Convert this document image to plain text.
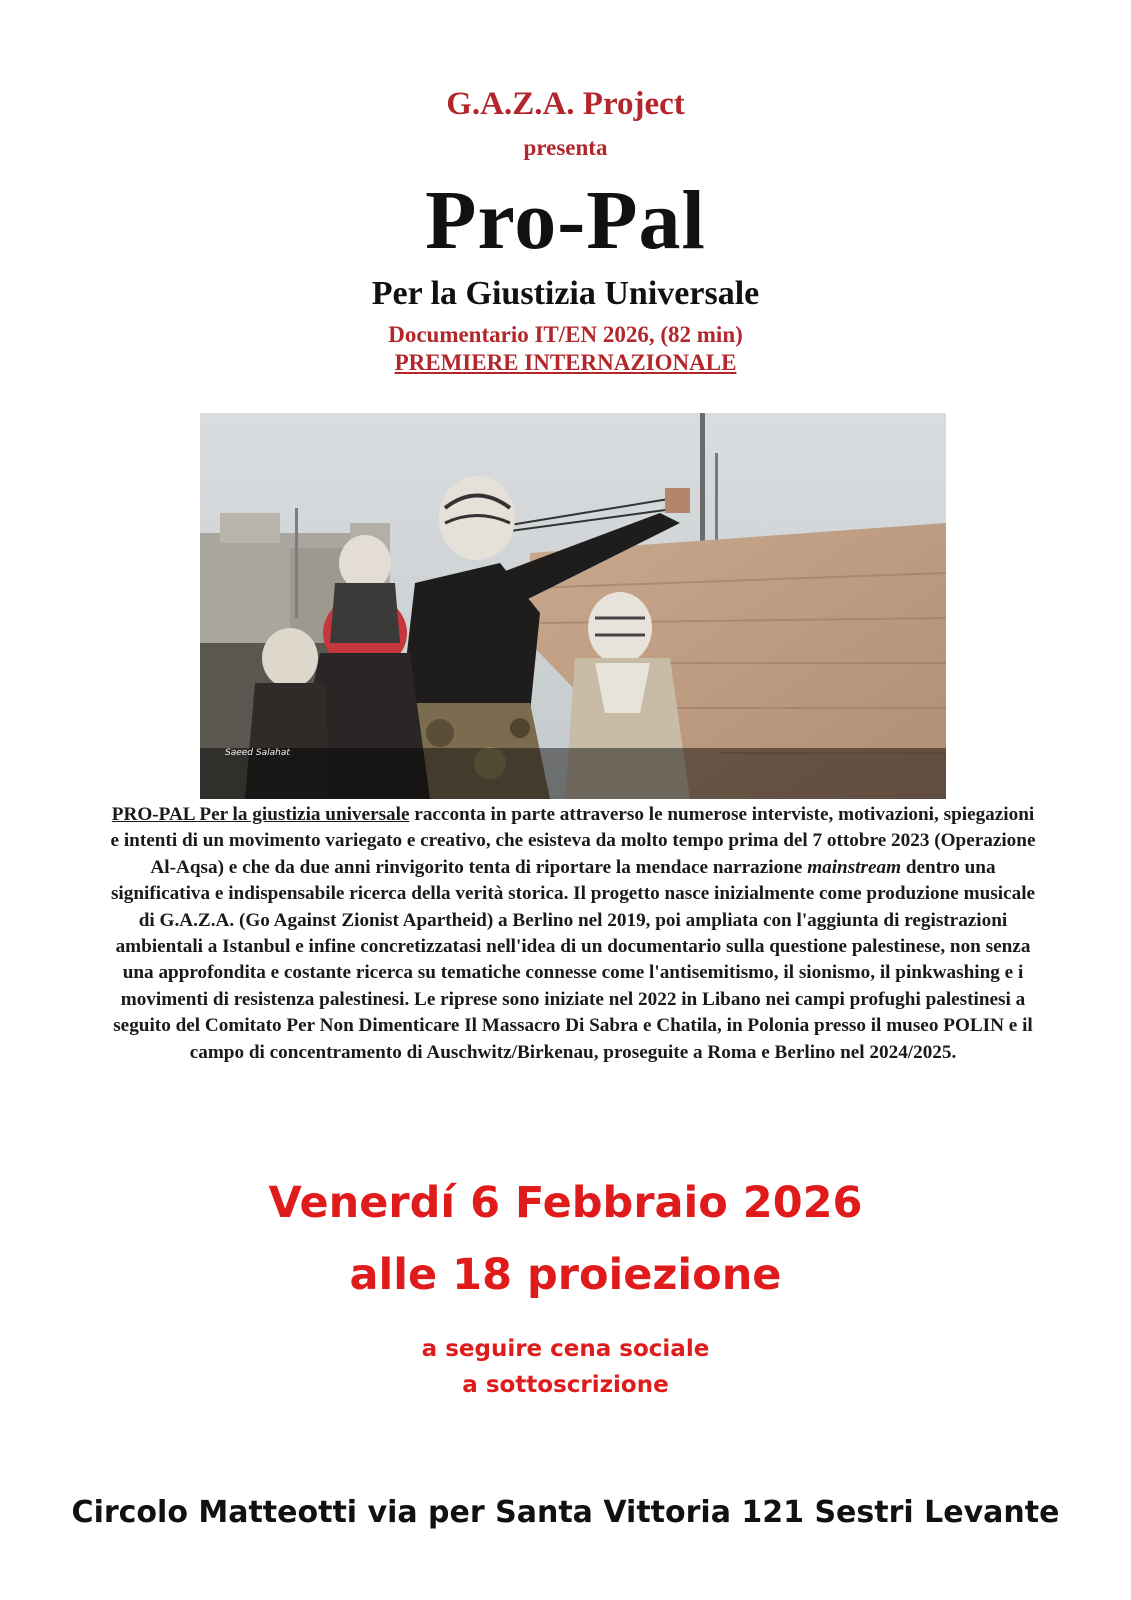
G.A.Z.A. Project
presenta
Pro-Pal
Per la Giustizia Universale
Documentario IT/EN 2026, (82 min)
PREMIERE INTERNAZIONALE
Saeed Salahat
PRO-PAL Per la giustizia universale racconta in parte attraverso le numerose interviste, motivazioni, spiegazioni e intenti di un movimento variegato e creativo, che esisteva da molto tempo prima del 7 ottobre 2023 (Operazione Al-Aqsa) e che da due anni rinvigorito tenta di riportare la mendace narrazione mainstream dentro una significativa e indispensabile ricerca della verità storica. Il progetto nasce inizialmente come produzione musicale di G.A.Z.A. (Go Against Zionist Apartheid) a Berlino nel 2019, poi ampliata con l'aggiunta di registrazioni ambientali a Istanbul e infine concretizzatasi nell'idea di un documentario sulla questione palestinese, non senza una approfondita e costante ricerca su tematiche connesse come l'antisemitismo, il sionismo, il pinkwashing e i movimenti di resistenza palestinesi. Le riprese sono iniziate nel 2022 in Libano nei campi profughi palestinesi a seguito del Comitato Per Non Dimenticare Il Massacro Di Sabra e Chatila, in Polonia presso il museo POLIN e il campo di concentramento di Auschwitz/Birkenau, proseguite a Roma e Berlino nel 2024/2025.
Venerdí 6 Febbraio 2026
alle 18 proiezione
a seguire cena sociale
a sottoscrizione
Circolo Matteotti via per Santa Vittoria 121 Sestri Levante
